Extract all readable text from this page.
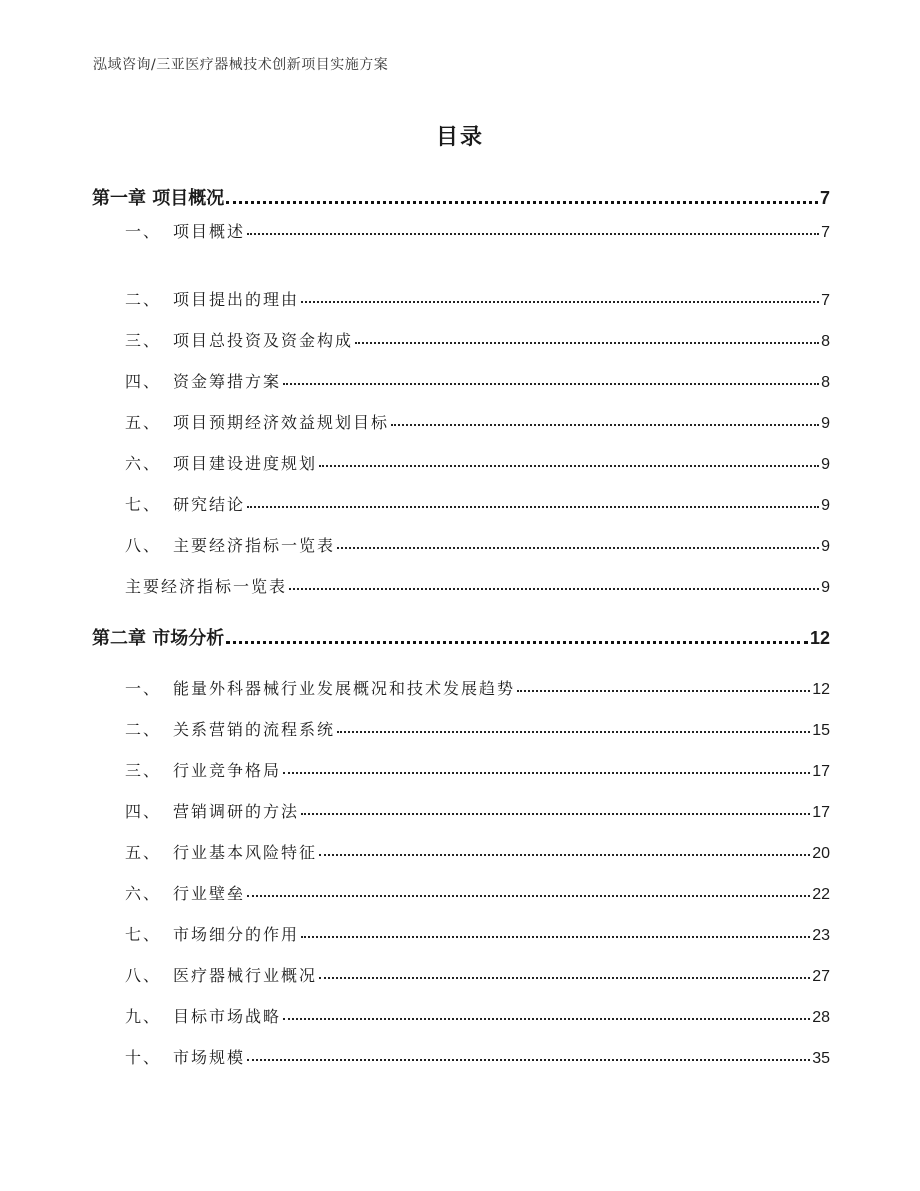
泓域咨询/三亚医疗器械技术创新项目实施方案
目录
第一章 项目概况	7
一、 项目概述	7
二、 项目提出的理由	7
三、 项目总投资及资金构成	8
四、 资金筹措方案	8
五、 项目预期经济效益规划目标	9
六、 项目建设进度规划	9
七、 研究结论	9
八、 主要经济指标一览表	9
主要经济指标一览表	9
第二章 市场分析	12
一、 能量外科器械行业发展概况和技术发展趋势	12
二、 关系营销的流程系统	15
三、 行业竞争格局	17
四、 营销调研的方法	17
五、 行业基本风险特征	20
六、 行业壁垒	22
七、 市场细分的作用	23
八、 医疗器械行业概况	27
九、 目标市场战略	28
十、 市场规模	35
